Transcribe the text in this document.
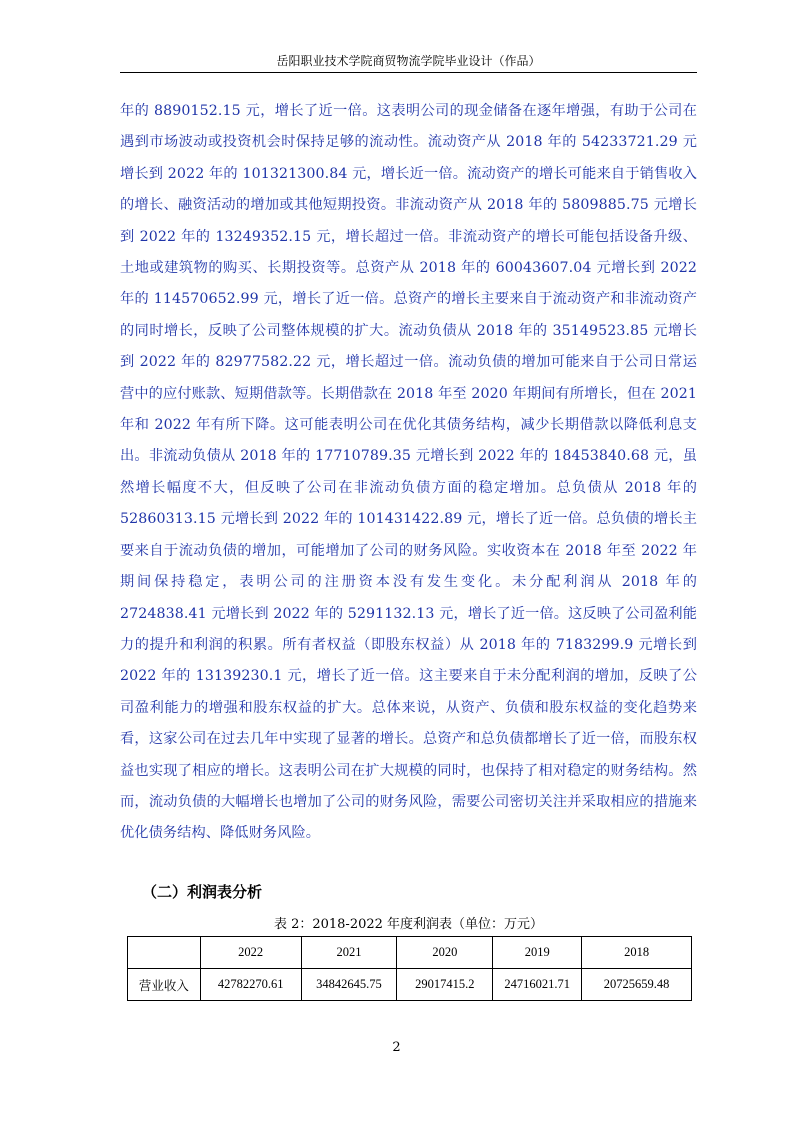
岳阳职业技术学院商贸物流学院毕业设计（作品）

年的 8890152.15 元，增长了近一倍。这表明公司的现金储备在逐年增强，有助于公司在遇到市场波动或投资机会时保持足够的流动性。流动资产从 2018 年的 54233721.29 元增长到 2022 年的 101321300.84 元，增长近一倍。流动资产的增长可能来自于销售收入的增长、融资活动的增加或其他短期投资。非流动资产从 2018 年的 5809885.75 元增长到 2022 年的 13249352.15 元，增长超过一倍。非流动资产的增长可能包括设备升级、土地或建筑物的购买、长期投资等。总资产从 2018 年的 60043607.04 元增长到 2022 年的 114570652.99 元，增长了近一倍。总资产的增长主要来自于流动资产和非流动资产的同时增长，反映了公司整体规模的扩大。流动负债从 2018 年的 35149523.85 元增长到 2022 年的 82977582.22 元，增长超过一倍。流动负债的增加可能来自于公司日常运营中的应付账款、短期借款等。长期借款在 2018 年至 2020 年期间有所增长，但在 2021 年和 2022 年有所下降。这可能表明公司在优化其债务结构，减少长期借款以降低利息支出。非流动负债从 2018 年的 17710789.35 元增长到 2022 年的 18453840.68 元，虽然增长幅度不大，但反映了公司在非流动负债方面的稳定增加。总负债从 2018 年的 52860313.15 元增长到 2022 年的 101431422.89 元，增长了近一倍。总负债的增长主要来自于流动负债的增加，可能增加了公司的财务风险。实收资本在 2018 年至 2022 年期间保持稳定，表明公司的注册资本没有发生变化。未分配利润从 2018 年的 2724838.41 元增长到 2022 年的 5291132.13 元，增长了近一倍。这反映了公司盈利能力的提升和利润的积累。所有者权益（即股东权益）从 2018 年的 7183299.9 元增长到 2022 年的 13139230.1 元，增长了近一倍。这主要来自于未分配利润的增加，反映了公司盈利能力的增强和股东权益的扩大。总体来说，从资产、负债和股东权益的变化趋势来看，这家公司在过去几年中实现了显著的增长。总资产和总负债都增长了近一倍，而股东权益也实现了相应的增长。这表明公司在扩大规模的同时，也保持了相对稳定的财务结构。然而，流动负债的大幅增长也增加了公司的财务风险，需要公司密切关注并采取相应的措施来优化债务结构、降低财务风险。

（二）利润表分析
表 2：2018-2022 年度利润表（单位：万元）
	2022	2021	2020	2019	2018
营业收入	42782270.61	34842645.75	29017415.2	24716021.71	20725659.48
2
